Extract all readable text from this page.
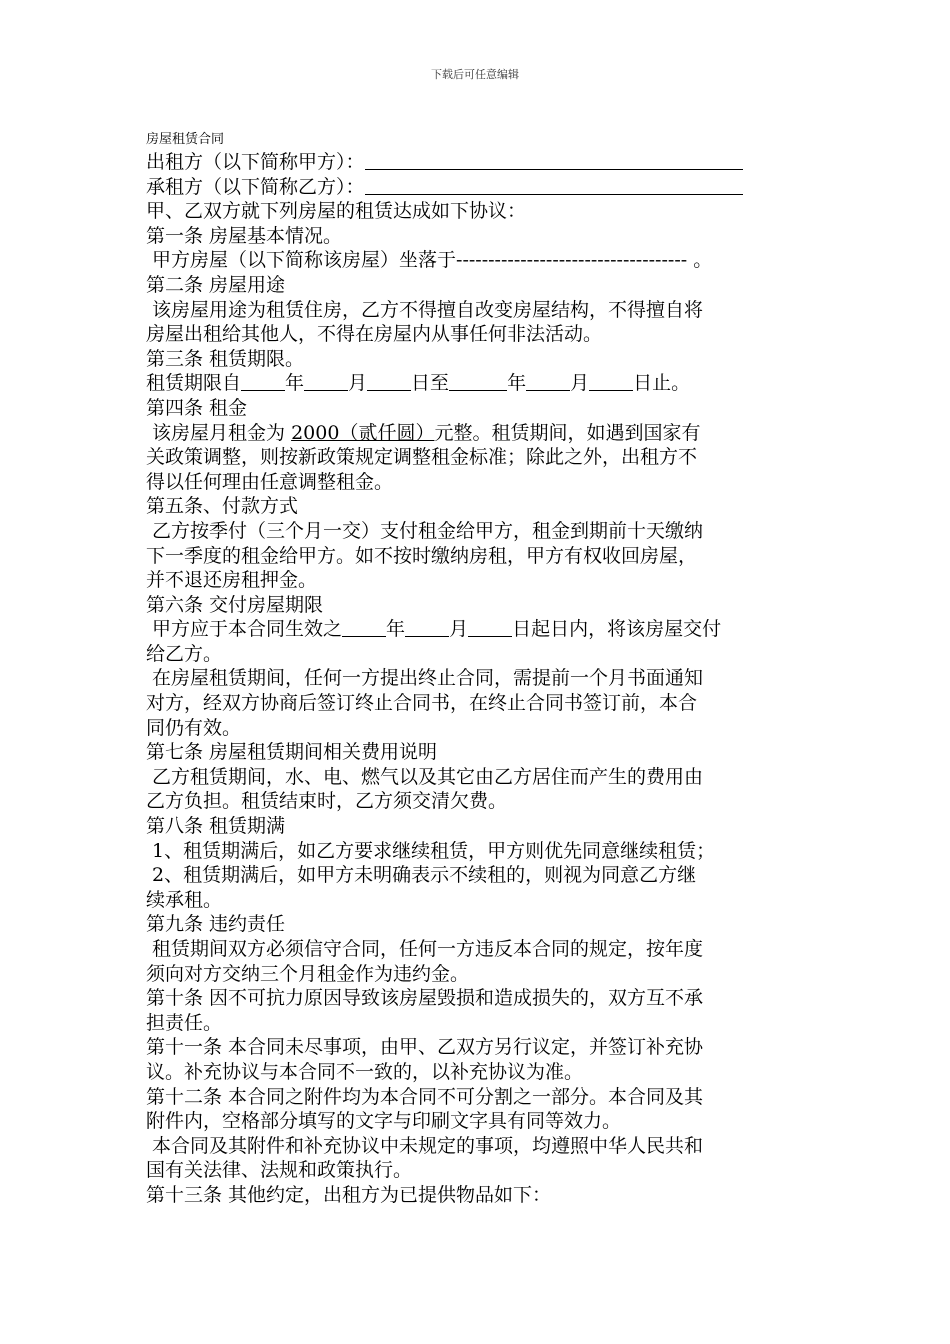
下载后可任意编辑
房屋租赁合同
出租方（以下简称甲方）：
承租方（以下简称乙方）：
甲、乙双方就下列房屋的租赁达成如下协议：
第一条 房屋基本情况。
甲方房屋（以下简称该房屋）坐落于------------------------------------ 。
第二条 房屋用途
该房屋用途为租赁住房，乙方不得擅自改变房屋结构，不得擅自将
房屋出租给其他人，不得在房屋内从事任何非法活动。
第三条 租赁期限。
租赁期限自 年 月 日至	年 月 日止。
第四条 租金
该房屋月租金为 2000（贰仟圆）元整。租赁期间，如遇到国家有
关政策调整，则按新政策规定调整租金标准；除此之外，出租方不
得以任何理由任意调整租金。
第五条、付款方式
乙方按季付（三个月一交）支付租金给甲方，租金到期前十天缴纳
下一季度的租金给甲方。如不按时缴纳房租，甲方有权收回房屋，
并不退还房租押金。
第六条 交付房屋期限
甲方应于本合同生效之 年 月 日起日内，将该房屋交付
给乙方。
在房屋租赁期间，任何一方提出终止合同，需提前一个月书面通知
对方，经双方协商后签订终止合同书，在终止合同书签订前，本合
同仍有效。
第七条 房屋租赁期间相关费用说明
乙方租赁期间，水、电、燃气以及其它由乙方居住而产生的费用由
乙方负担。租赁结束时，乙方须交清欠费。
第八条 租赁期满
1、租赁期满后，如乙方要求继续租赁，甲方则优先同意继续租赁；
2、租赁期满后，如甲方未明确表示不续租的，则视为同意乙方继
续承租。
第九条 违约责任
租赁期间双方必须信守合同，任何一方违反本合同的规定，按年度
须向对方交纳三个月租金作为违约金。
第十条 因不可抗力原因导致该房屋毁损和造成损失的，双方互不承
担责任。
第十一条 本合同未尽事项，由甲、乙双方另行议定，并签订补充协
议。补充协议与本合同不一致的，以补充协议为准。
第十二条 本合同之附件均为本合同不可分割之一部分。本合同及其
附件内，空格部分填写的文字与印刷文字具有同等效力。
本合同及其附件和补充协议中未规定的事项，均遵照中华人民共和
国有关法律、法规和政策执行。
第十三条 其他约定，出租方为已提供物品如下：
